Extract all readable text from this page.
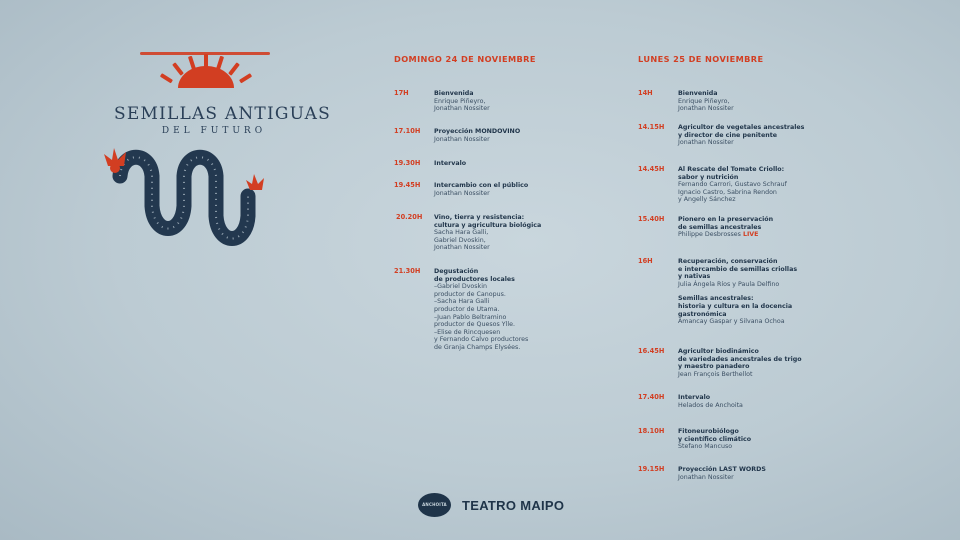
SEMILLAS ANTIGUAS
DEL FUTURO
DOMINGO 24 DE NOVIEMBRE
17H	Bienvenida
Enrique Piñeyro,
Jonathan Nossiter
17.10H Proyección MONDOVINO
Jonathan Nossiter
19.30H Intervalo
19.45H Intercambio con el público
Jonathan Nossiter
20.20H Vino, tierra y resistencia:
cultura y agricultura biológica
Sacha Hara Galli,
Gabriel Dvoskin,
Jonathan Nossiter
21.30H Degustación
de productores locales
–Gabriel Dvoskin
productor de Canopus.
–Sacha Hara Galli
productor de Utama.
–Juan Pablo Beltramino
productor de Quesos Ylle.
–Elise de Rincquesen
y Fernando Calvo productores
de Granja Champs Elysées.
LUNES 25 DE NOVIEMBRE
14H	Bienvenida
Enrique Piñeyro,
Jonathan Nossiter
14.15H Agricultor de vegetales ancestrales
y director de cine penitente
Jonathan Nossiter
14.45H Al Rescate del Tomate Criollo:
sabor y nutrición
Fernando Carrori, Gustavo Schrauf
Ignacio Castro, Sabrina Rendon
y Angelly Sánchez
15.40H Pionero en la preservación
de semillas ancestrales
Philippe Desbrosses LIVE
16H	Recuperación, conservación
e intercambio de semillas criollas
y nativas
Julia Ángela Ríos y Paula Delfino
Semillas ancestrales:
historia y cultura en la docencia
gastronómica
Amancay Gaspar y Silvana Ochoa
16.45H Agricultor biodinámico
de variedades ancestrales de trigo
y maestro panadero
Jean François Berthellot
17.40H Intervalo
Helados de Anchoita
18.10H Fitoneurobiólogo
y científico climático
Stefano Mancuso
19.15H Proyección LAST WORDS
Jonathan Nossiter
ANCHOITA	TEATRO MAIPO
